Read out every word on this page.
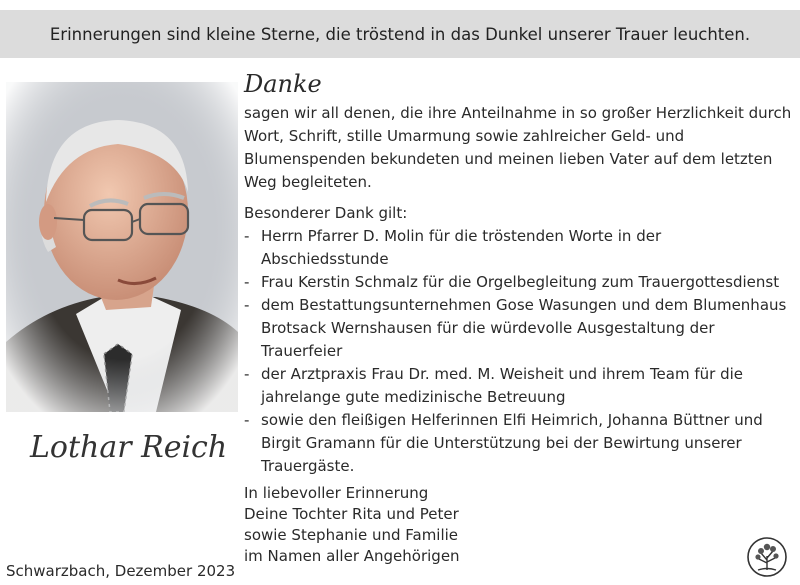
Erinnerungen sind kleine Sterne, die tröstend in das Dunkel unserer Trauer leuchten.
Lothar Reich
Schwarzbach, Dezember 2023
Danke

sagen wir all denen, die ihre Anteilnahme in so großer Herzlichkeit durch Wort, Schrift, stille Umarmung sowie zahlreicher Geld- und Blumenspenden bekundeten und meinen lieben Vater auf dem letzten Weg begleiteten.

Besonderer Dank gilt:

- Herrn Pfarrer D. Molin für die tröstenden Worte in der Abschiedsstunde
- Frau Kerstin Schmalz für die Orgelbegleitung zum Trauergottesdienst
- dem Bestattungsunternehmen Gose Wasungen und dem Blumenhaus Brotsack Wernshausen für die würdevolle Ausgestaltung der Trauerfeier
- der Arztpraxis Frau Dr. med. M. Weisheit und ihrem Team für die jahrelange gute medizinische Betreuung
- sowie den fleißigen Helferinnen Elfi Heimrich, Johanna Büttner und Birgit Gramann für die Unterstützung bei der Bewirtung unserer Trauergäste.
In liebevoller Erinnerung
Deine Tochter Rita und Peter
sowie Stephanie und Familie
im Namen aller Angehörigen
